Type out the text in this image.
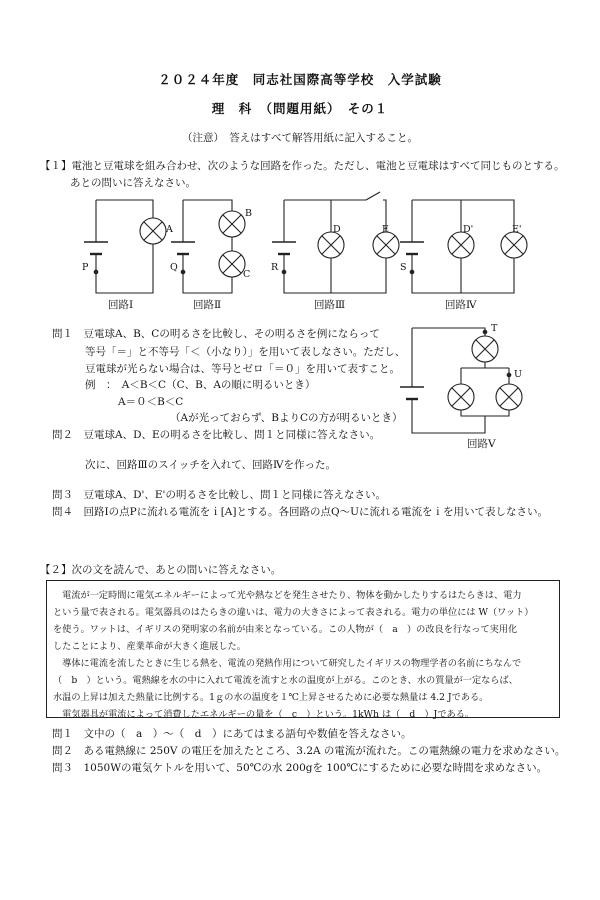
２０２４年度　同志社国際高等学校　入学試験
理　科　（問題用紙）　その１
（注意）　答えはすべて解答用紙に記入すること。
【１】電池と豆電球を組み合わせ、次のような回路を作った。ただし、電池と豆電球はすべて同じものとする。
あとの問いに答えなさい。
A
B
C
D	E	D'	E'
P	Q	R	S
T
U
回路Ⅰ	回路Ⅱ	回路Ⅲ	回路Ⅳ
回路Ⅴ
問１　豆電球A、B、Cの明るさを比較し、その明るさを例にならって
等号「＝」と不等号「＜（小なり）」を用いて表しなさい。ただし、
豆電球が光らない場合は、等号とゼロ「＝０」を用いて表すこと。
例　：　A＜B＜C（C、B、Aの順に明るいとき）
A＝０＜B＜C
（Aが光っておらず、BよりCの方が明るいとき）
問２　豆電球A、D、Eの明るさを比較し、問１と同様に答えなさい。
次に、回路Ⅲのスイッチを入れて、回路Ⅳを作った。
問３　豆電球A、D'、E'の明るさを比較し、問１と同様に答えなさい。
問４　回路Ⅰの点Pに流れる電流をｉ[A]とする。各回路の点Q〜Uに流れる電流をｉを用いて表しなさい。
【２】次の文を読んで、あとの問いに答えなさい。
　電流が一定時間に電気エネルギーによって光や熱などを発生させたり、物体を動かしたりするはたらきは、電力
という量で表される。電気器具のはたらきの違いは、電力の大きさによって表される。電力の単位には W（ワット）
を使う。ワットは、イギリスの発明家の名前が由来となっている。この人物が（　a　）の改良を行なって実用化
したことにより、産業革命が大きく進展した。
　導体に電流を流したときに生じる熱を、電流の発熱作用について研究したイギリスの物理学者の名前にちなんで
（　b　）という。電熱線を水の中に入れて電流を流すと水の温度が上がる。このとき、水の質量が一定ならば、
水温の上昇は加えた熱量に比例する。1ｇの水の温度を１℃上昇させるために必要な熱量は 4.2 Jである。
　電気器具が電流によって消費したエネルギーの量を（　c　）という。1kWh は（　d　）Jである。
問１　文中の（　a　）〜（　d　）にあてはまる語句や数値を答えなさい。
問２　ある電熱線に 250V の電圧を加えたところ、3.2A の電流が流れた。この電熱線の電力を求めなさい。
問３　1050Wの電気ケトルを用いて、50℃の水 200gを 100℃にするために必要な時間を求めなさい。
